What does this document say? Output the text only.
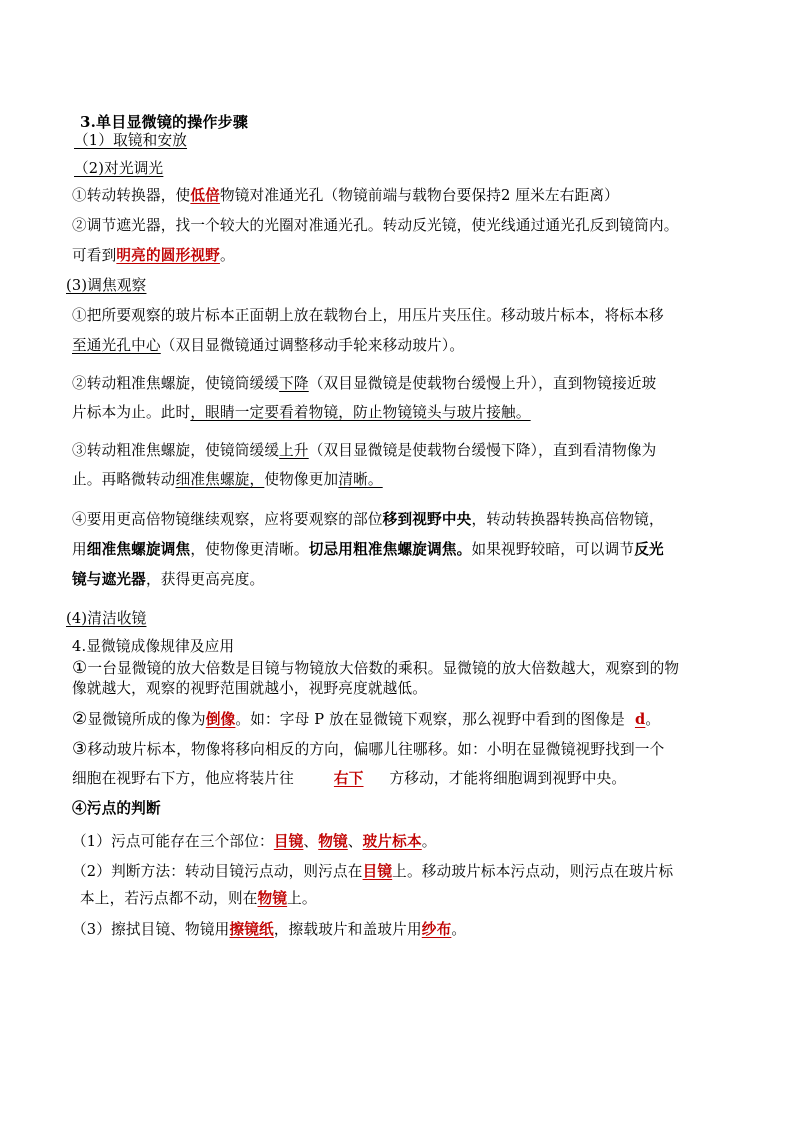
3.单目显微镜的操作步骤
（1）取镜和安放
（2)对光调光
①转动转换器，使低倍物镜对准通光孔（物镜前端与载物台要保持2 厘米左右距离）
②调节遮光器，找一个较大的光圈对准通光孔。转动反光镜，使光线通过通光孔反到镜筒内。
可看到明亮的圆形视野。
(3)调焦观察
①把所要观察的玻片标本正面朝上放在载物台上，用压片夹压住。移动玻片标本，将标本移
至通光孔中心（双目显微镜通过调整移动手轮来移动玻片）。
②转动粗准焦螺旋，使镜筒缓缓下降（双目显微镜是使载物台缓慢上升），直到物镜接近玻
片标本为止。此时，眼睛一定要看着物镜，防止物镜镜头与玻片接触。
③转动粗准焦螺旋，使镜筒缓缓上升（双目显微镜是使载物台缓慢下降），直到看清物像为
止。再略微转动细准焦螺旋，使物像更加清晰。
④要用更高倍物镜继续观察，应将要观察的部位移到视野中央，转动转换器转换高倍物镜，
用细准焦螺旋调焦，使物像更清晰。切忌用粗准焦螺旋调焦。如果视野较暗，可以调节反光
镜与遮光器，获得更高亮度。
(4)清洁收镜
4.显微镜成像规律及应用
①一台显微镜的放大倍数是目镜与物镜放大倍数的乘积。显微镜的放大倍数越大，观察到的物
像就越大，观察的视野范围就越小，视野亮度就越低。
②显微镜所成的像为倒像。如：字母 P 放在显微镜下观察，那么视野中看到的图像是 d。
③移动玻片标本，物像将移向相反的方向，偏哪儿往哪移。如：小明在显微镜视野找到一个
细胞在视野右下方，他应将装片往	右下 方移动，才能将细胞调到视野中央。
④污点的判断
（1）污点可能存在三个部位：目镜、物镜、玻片标本。
（2）判断方法：转动目镜污点动，则污点在目镜上。移动玻片标本污点动，则污点在玻片标
本上，若污点都不动，则在物镜上。
（3）擦拭目镜、物镜用擦镜纸，擦载玻片和盖玻片用纱布。
